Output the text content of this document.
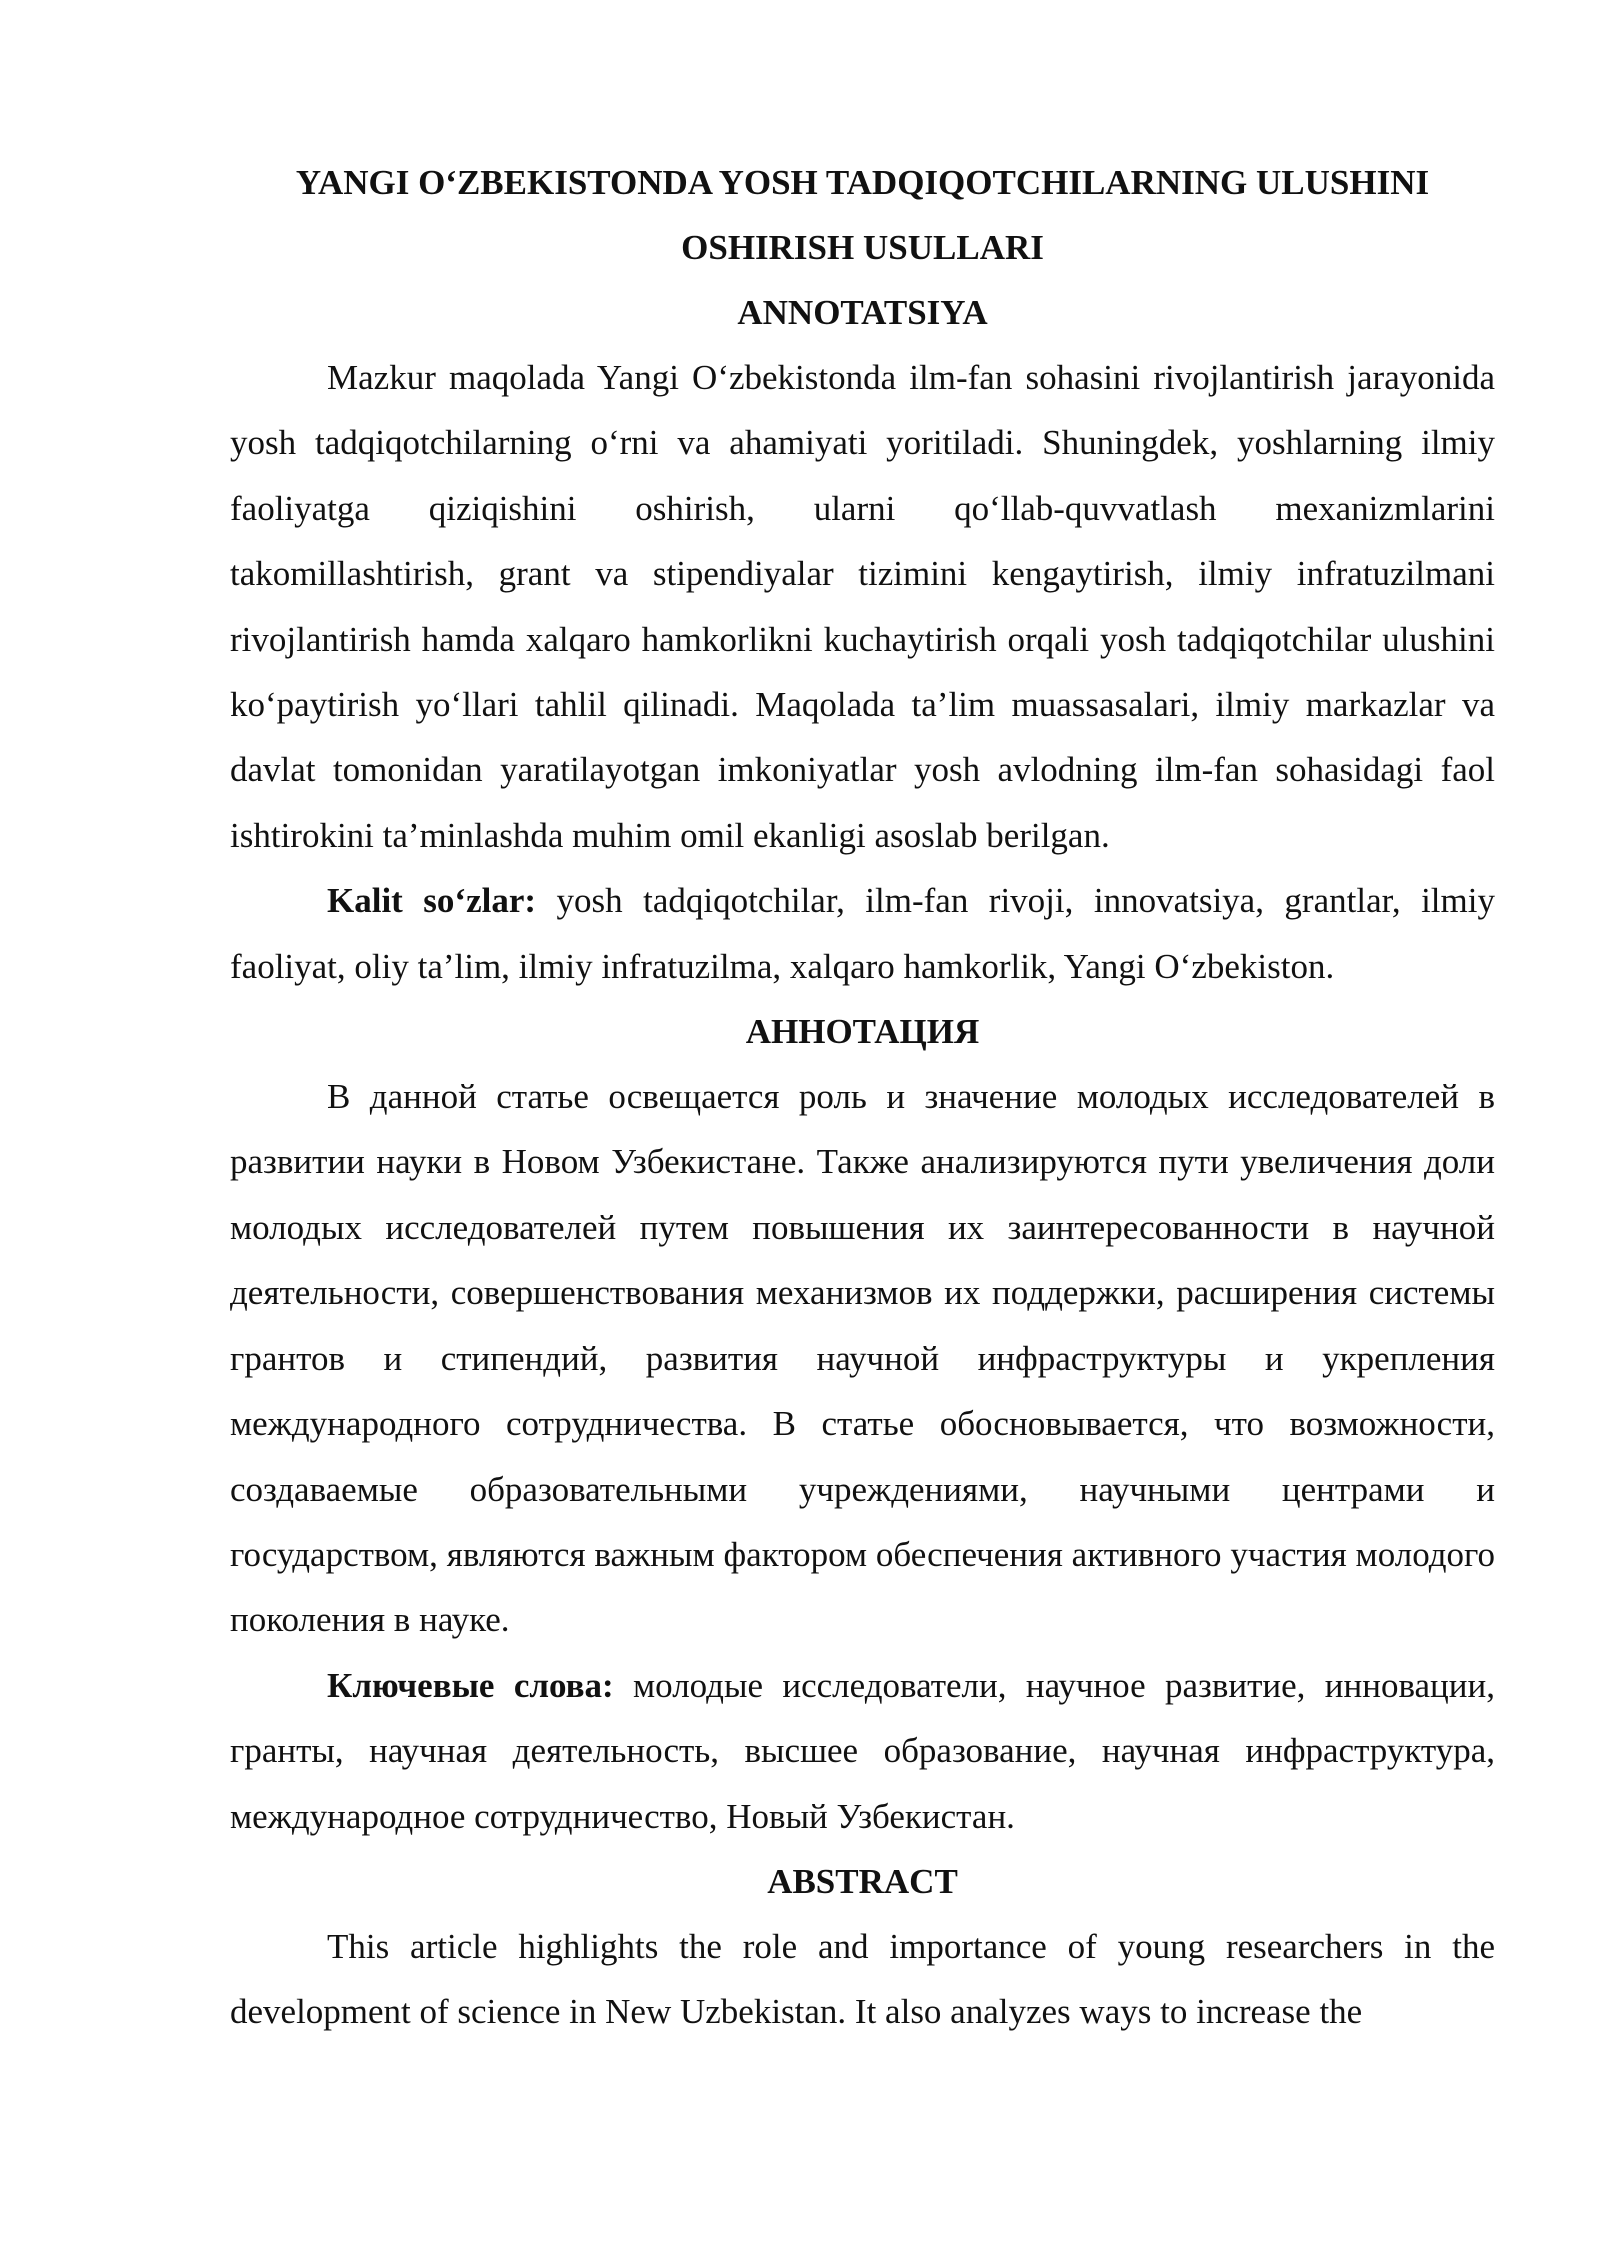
YANGI O‘ZBEKISTONDA YOSH TADQIQOTCHILARNING ULUSHINI

OSHIRISH USULLARI

ANNOTATSIYA

Mazkur maqolada Yangi O‘zbekistonda ilm-fan sohasini rivojlantirish jarayonida yosh tadqiqotchilarning o‘rni va ahamiyati yoritiladi. Shuningdek, yoshlarning ilmiy faoliyatga qiziqishini oshirish, ularni qo‘llab-quvvatlash mexanizmlarini takomillashtirish, grant va stipendiyalar tizimini kengaytirish, ilmiy infratuzilmani rivojlantirish hamda xalqaro hamkorlikni kuchaytirish orqali yosh tadqiqotchilar ulushini ko‘paytirish yo‘llari tahlil qilinadi. Maqolada ta’lim muassasalari, ilmiy markazlar va davlat tomonidan yaratilayotgan imkoniyatlar yosh avlodning ilm-fan sohasidagi faol ishtirokini ta’minlashda muhim omil ekanligi asoslab berilgan.

Kalit so‘zlar: yosh tadqiqotchilar, ilm-fan rivoji, innovatsiya, grantlar, ilmiy faoliyat, oliy ta’lim, ilmiy infratuzilma, xalqaro hamkorlik, Yangi O‘zbekiston.

АННОТАЦИЯ

В данной статье освещается роль и значение молодых исследователей в развитии науки в Новом Узбекистане. Также анализируются пути увеличения доли молодых исследователей путем повышения их заинтересованности в научной деятельности, совершенствования механизмов их поддержки, расширения системы грантов и стипендий, развития научной инфраструктуры и укрепления международного сотрудничества. В статье обосновывается, что возможности, создаваемые образовательными учреждениями, научными центрами и государством, являются важным фактором обеспечения активного участия молодого поколения в науке.

Ключевые слова: молодые исследователи, научное развитие, инновации, гранты, научная деятельность, высшее образование, научная инфраструктура, международное сотрудничество, Новый Узбекистан.

ABSTRACT

This article highlights the role and importance of young researchers in the development of science in New Uzbekistan. It also analyzes ways to increase the
